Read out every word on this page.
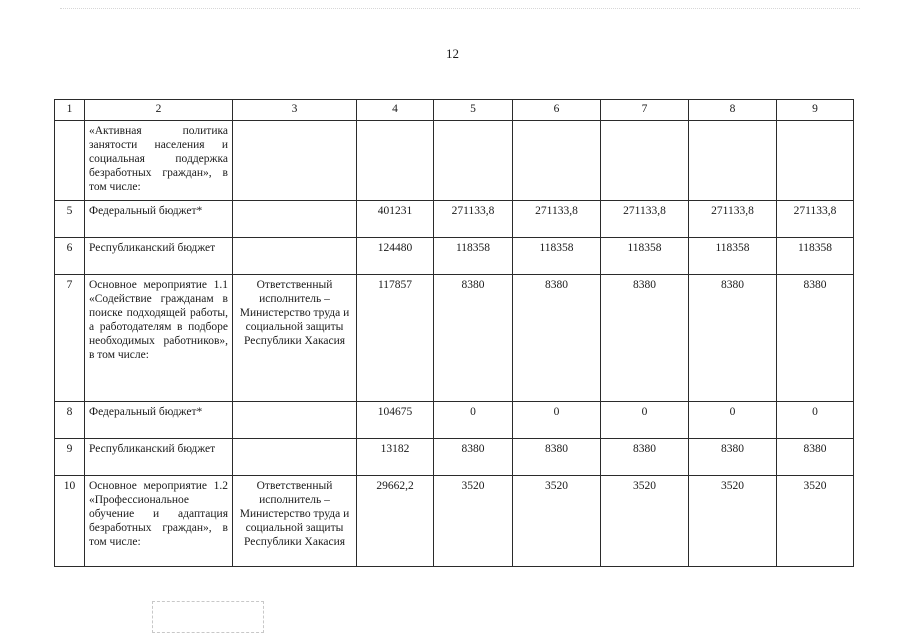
12
1	2	3	4	5	6	7	8	9
	«Активная политика занятости населения и социальная поддержка безработных граждан», в том числе:							
5	Федеральный бюджет*		401231	271133,8	271133,8	271133,8	271133,8	271133,8
6	Республиканский бюджет		124480	118358	118358	118358	118358	118358
7	Основное мероприятие 1.1 «Содействие гражданам в поиске подходящей работы, а работодателям в подборе необходимых работников», в том числе:	Ответственный исполнитель – Министерство труда и социальной защиты Республики Хакасия	117857	8380	8380	8380	8380	8380
8	Федеральный бюджет*		104675	0	0	0	0	0
9	Республиканский бюджет		13182	8380	8380	8380	8380	8380
10	Основное мероприятие 1.2 «Профессиональное обучение и адаптация безработных граждан», в том числе:	Ответственный исполнитель – Министерство труда и социальной защиты Республики Хакасия	29662,2	3520	3520	3520	3520	3520
